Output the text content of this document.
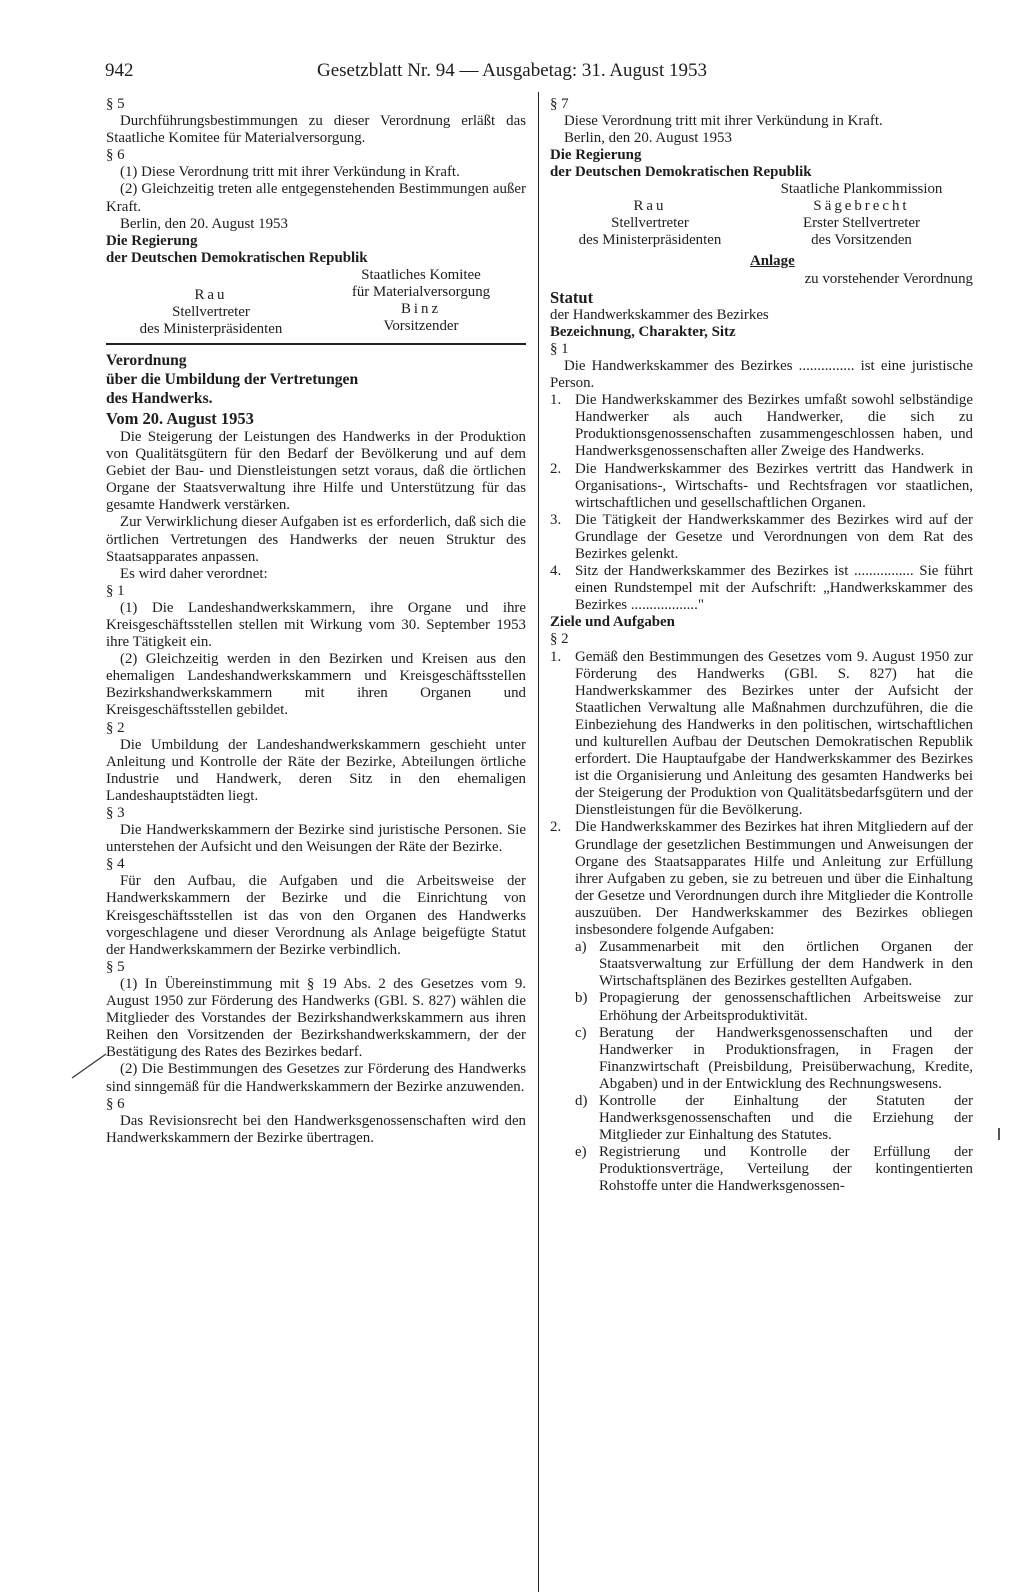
942	Gesetzblatt Nr. 94 — Ausgabetag: 31. August 1953

§ 5

Durchführungsbestimmungen zu dieser Verordnung erläßt das Staatliche Komitee für Materialversorgung.

§ 6

(1) Diese Verordnung tritt mit ihrer Verkündung in Kraft.

(2) Gleichzeitig treten alle entgegenstehenden Bestimmungen außer Kraft.

Berlin, den 20. August 1953

Die Regierung

der Deutschen Demokratischen Republik

Rau
Stellvertreter
des Ministerpräsidenten
Staatliches Komitee
für Materialversorgung
Binz
Vorsitzender

Verordnung

über die Umbildung der Vertretungen

des Handwerks.

Vom 20. August 1953

Die Steigerung der Leistungen des Handwerks in der Produktion von Qualitätsgütern für den Bedarf der Bevölkerung und auf dem Gebiet der Bau- und Dienstleistungen setzt voraus, daß die örtlichen Organe der Staatsverwaltung ihre Hilfe und Unterstützung für das gesamte Handwerk verstärken.

Zur Verwirklichung dieser Aufgaben ist es erforderlich, daß sich die örtlichen Vertretungen des Handwerks der neuen Struktur des Staatsapparates anpassen.

Es wird daher verordnet:

§ 1

(1) Die Landeshandwerkskammern, ihre Organe und ihre Kreisgeschäftsstellen stellen mit Wirkung vom 30. September 1953 ihre Tätigkeit ein.

(2) Gleichzeitig werden in den Bezirken und Kreisen aus den ehemaligen Landeshandwerkskammern und Kreisgeschäftsstellen Bezirkshandwerkskammern mit ihren Organen und Kreisgeschäftsstellen gebildet.

§ 2

Die Umbildung der Landeshandwerkskammern geschieht unter Anleitung und Kontrolle der Räte der Bezirke, Abteilungen örtliche Industrie und Handwerk, deren Sitz in den ehemaligen Landeshauptstädten liegt.

§ 3

Die Handwerkskammern der Bezirke sind juristische Personen. Sie unterstehen der Aufsicht und den Weisungen der Räte der Bezirke.

§ 4

Für den Aufbau, die Aufgaben und die Arbeitsweise der Handwerkskammern der Bezirke und die Einrichtung von Kreisgeschäftsstellen ist das von den Organen des Handwerks vorgeschlagene und dieser Verordnung als Anlage beigefügte Statut der Handwerkskammern der Bezirke verbindlich.

§ 5

(1) In Übereinstimmung mit § 19 Abs. 2 des Gesetzes vom 9. August 1950 zur Förderung des Handwerks (GBl. S. 827) wählen die Mitglieder des Vorstandes der Bezirkshandwerkskammern aus ihren Reihen den Vorsitzenden der Bezirkshandwerkskammern, der der Bestätigung des Rates des Bezirkes bedarf.

(2) Die Bestimmungen des Gesetzes zur Förderung des Handwerks sind sinngemäß für die Handwerkskammern der Bezirke anzuwenden.

§ 6

Das Revisionsrecht bei den Handwerksgenossenschaften wird den Handwerkskammern der Bezirke übertragen.

§ 7

Diese Verordnung tritt mit ihrer Verkündung in Kraft.

Berlin, den 20. August 1953

Die Regierung

der Deutschen Demokratischen Republik

Rau
Stellvertreter
des Ministerpräsidenten
Staatliche Plankommission
Sägebrecht
Erster Stellvertreter
des Vorsitzenden

Anlage

zu vorstehender Verordnung

Statut

der Handwerkskammer des Bezirkes

Bezeichnung, Charakter, Sitz

§ 1

Die Handwerkskammer des Bezirkes ............... ist eine juristische Person.

1. Die Handwerkskammer des Bezirkes umfaßt sowohl selbständige Handwerker als auch Handwerker, die sich zu Produktionsgenossenschaften zusammengeschlossen haben, und Handwerksgenossenschaften aller Zweige des Handwerks.
2. Die Handwerkskammer des Bezirkes vertritt das Handwerk in Organisations-, Wirtschafts- und Rechtsfragen vor staatlichen, wirtschaftlichen und gesellschaftlichen Organen.
3. Die Tätigkeit der Handwerkskammer des Bezirkes wird auf der Grundlage der Gesetze und Verordnungen von dem Rat des Bezirkes gelenkt.
4. Sitz der Handwerkskammer des Bezirkes ist ................ Sie führt einen Rundstempel mit der Aufschrift: „Handwerkskammer des Bezirkes .................."

Ziele und Aufgaben

§ 2

1. Gemäß den Bestimmungen des Gesetzes vom 9. August 1950 zur Förderung des Handwerks (GBl. S. 827) hat die Handwerkskammer des Bezirkes unter der Aufsicht der Staatlichen Verwaltung alle Maßnahmen durchzuführen, die die Einbeziehung des Handwerks in den politischen, wirtschaftlichen und kulturellen Aufbau der Deutschen Demokratischen Republik erfordert. Die Hauptaufgabe der Handwerkskammer des Bezirkes ist die Organisierung und Anleitung des gesamten Handwerks bei der Steigerung der Produktion von Qualitätsbedarfsgütern und der Dienstleistungen für die Bevölkerung.
2. Die Handwerkskammer des Bezirkes hat ihren Mitgliedern auf der Grundlage der gesetzlichen Bestimmungen und Anweisungen der Organe des Staatsapparates Hilfe und Anleitung zur Erfüllung ihrer Aufgaben zu geben, sie zu betreuen und über die Einhaltung der Gesetze und Verordnungen durch ihre Mitglieder die Kontrolle auszuüben. Der Handwerkskammer des Bezirkes obliegen insbesondere folgende Aufgaben:
a) Zusammenarbeit mit den örtlichen Organen der Staatsverwaltung zur Erfüllung der dem Handwerk in den Wirtschaftsplänen des Bezirkes gestellten Aufgaben.
b) Propagierung der genossenschaftlichen Arbeitsweise zur Erhöhung der Arbeitsproduktivität.
c) Beratung der Handwerksgenossenschaften und der Handwerker in Produktionsfragen, in Fragen der Finanzwirtschaft (Preisbildung, Preisüberwachung, Kredite, Abgaben) und in der Entwicklung des Rechnungswesens.
d) Kontrolle der Einhaltung der Statuten der Handwerksgenossenschaften und die Erziehung der Mitglieder zur Einhaltung des Statutes.
e) Registrierung und Kontrolle der Erfüllung der Produktionsverträge, Verteilung der kontingentierten Rohstoffe unter die Handwerksgenossen-
